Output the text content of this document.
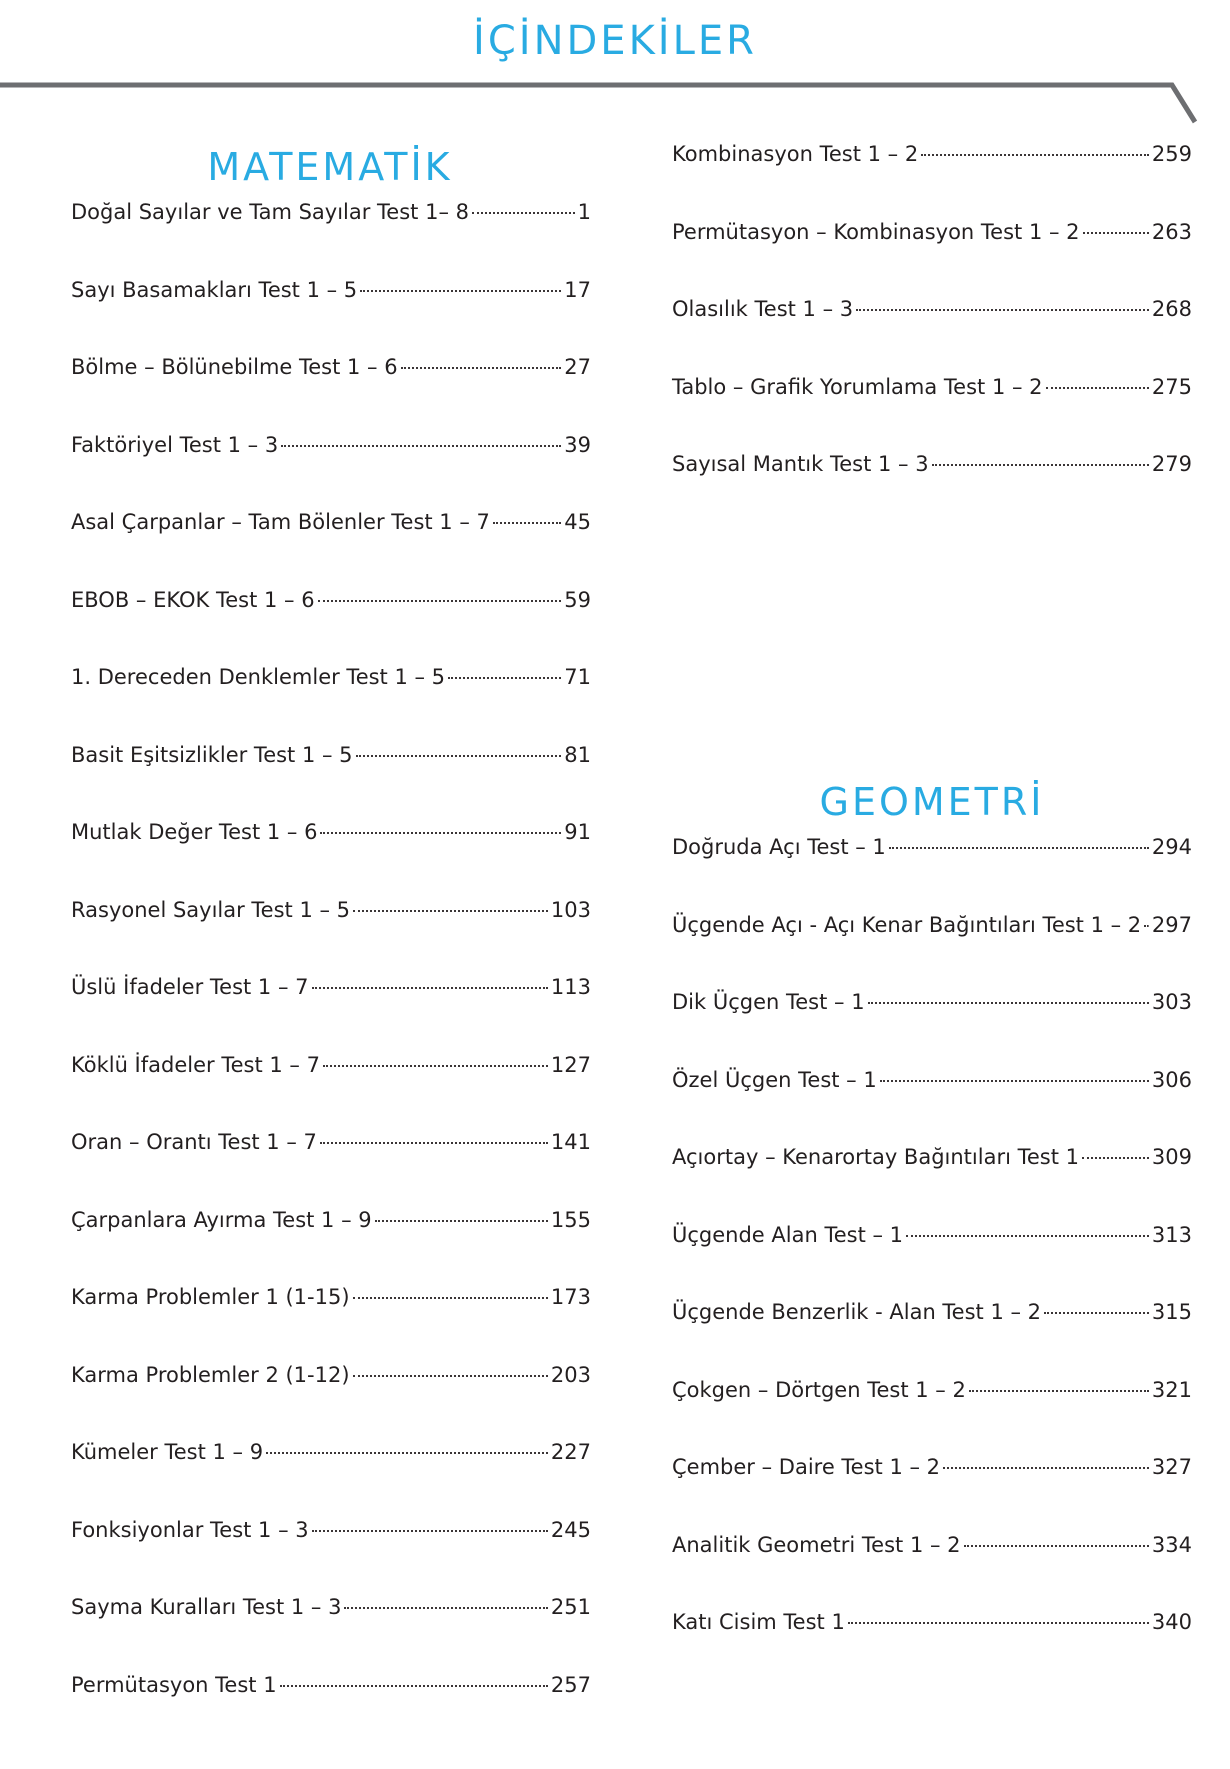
İÇİNDEKİLER
MATEMATİK
Doğal Sayılar ve Tam Sayılar Test 1– 8	1
Sayı Basamakları Test 1 – 5	17
Bölme – Bölünebilme Test 1 – 6	27
Faktöriyel Test 1 – 3	39
Asal Çarpanlar – Tam Bölenler Test 1 – 7	45
EBOB – EKOK Test 1 – 6	59
1. Dereceden Denklemler Test 1 – 5	71
Basit Eşitsizlikler Test 1 – 5	81
Mutlak Değer Test 1 – 6	91
Rasyonel Sayılar Test 1 – 5	103
Üslü İfadeler Test 1 – 7	113
Köklü İfadeler Test 1 – 7	127
Oran – Orantı Test 1 – 7	141
Çarpanlara Ayırma Test 1 – 9	155
Karma Problemler 1 (1-15)	173
Karma Problemler 2 (1-12)	203
Kümeler Test 1 – 9	227
Fonksiyonlar Test 1 – 3	245
Sayma Kuralları Test 1 – 3	251
Permütasyon Test 1	257
Kombinasyon Test 1 – 2	259
Permütasyon – Kombinasyon Test 1 – 2	263
Olasılık Test 1 – 3	268
Tablo – Grafik Yorumlama Test 1 – 2	275
Sayısal Mantık Test 1 – 3	279
GEOMETRİ
Doğruda Açı Test – 1	294
Üçgende Açı - Açı Kenar Bağıntıları Test 1 – 2 297
Dik Üçgen Test – 1	303
Özel Üçgen Test – 1	306
Açıortay – Kenarortay Bağıntıları Test 1	309
Üçgende Alan Test – 1	313
Üçgende Benzerlik - Alan Test 1 – 2	315
Çokgen – Dörtgen Test 1 – 2	321
Çember – Daire Test 1 – 2	327
Analitik Geometri Test 1 – 2	334
Katı Cisim Test 1	340
